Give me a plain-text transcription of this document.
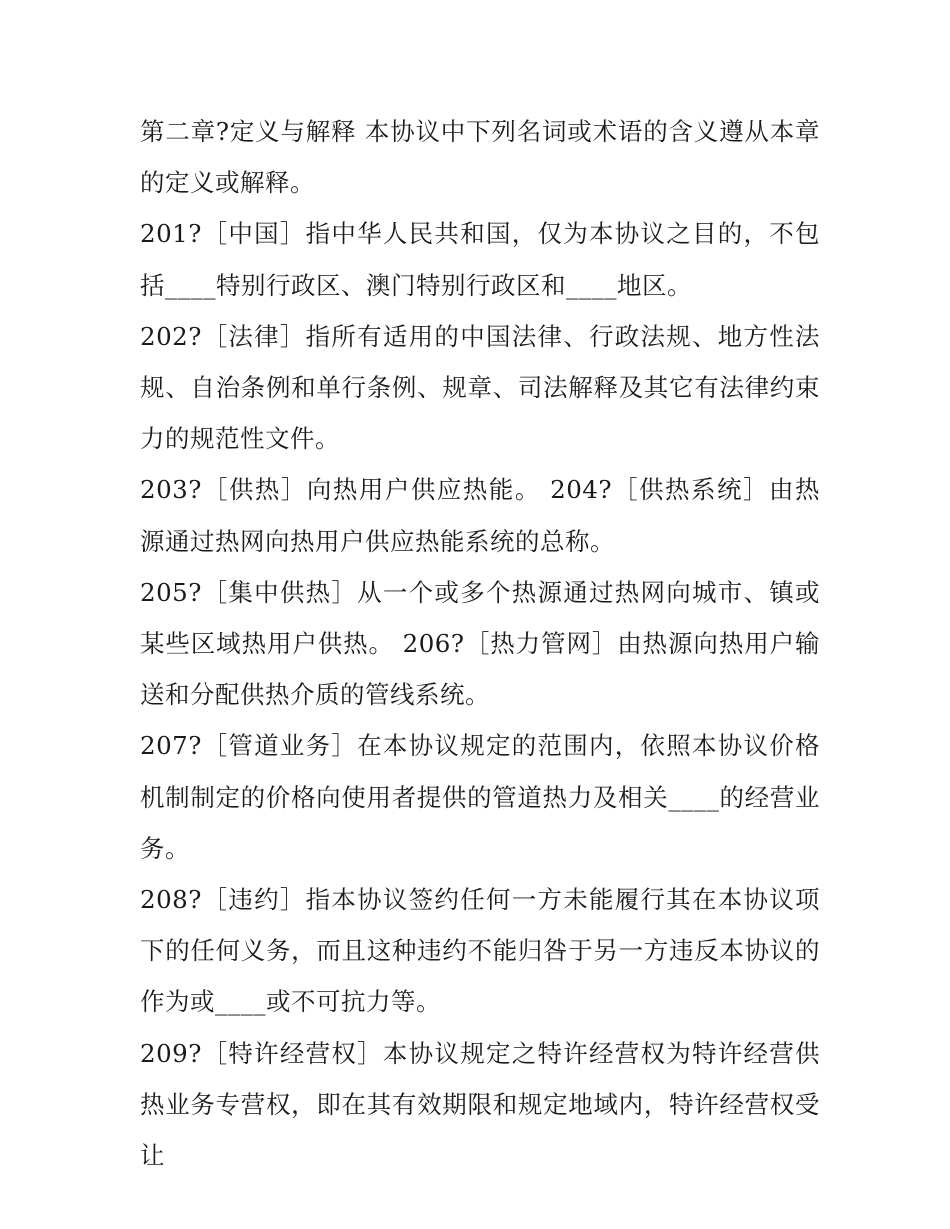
第二章?定义与解释 本协议中下列名词或术语的含义遵从本章的定义或解释。

201?［中国］指中华人民共和国，仅为本协议之目的，不包括____特别行政区、澳门特别行政区和____地区。

202?［法律］指所有适用的中国法律、行政法规、地方性法规、自治条例和单行条例、规章、司法解释及其它有法律约束力的规范性文件。

203?［供热］向热用户供应热能。 204?［供热系统］由热源通过热网向热用户供应热能系统的总称。

205?［集中供热］从一个或多个热源通过热网向城市、镇或某些区域热用户供热。 206?［热力管网］由热源向热用户输送和分配供热介质的管线系统。

207?［管道业务］在本协议规定的范围内，依照本协议价格机制制定的价格向使用者提供的管道热力及相关____的经营业务。

208?［违约］指本协议签约任何一方未能履行其在本协议项下的任何义务，而且这种违约不能归咎于另一方违反本协议的作为或____或不可抗力等。

209?［特许经营权］本协议规定之特许经营权为特许经营供热业务专营权，即在其有效期限和规定地域内，特许经营权受让
